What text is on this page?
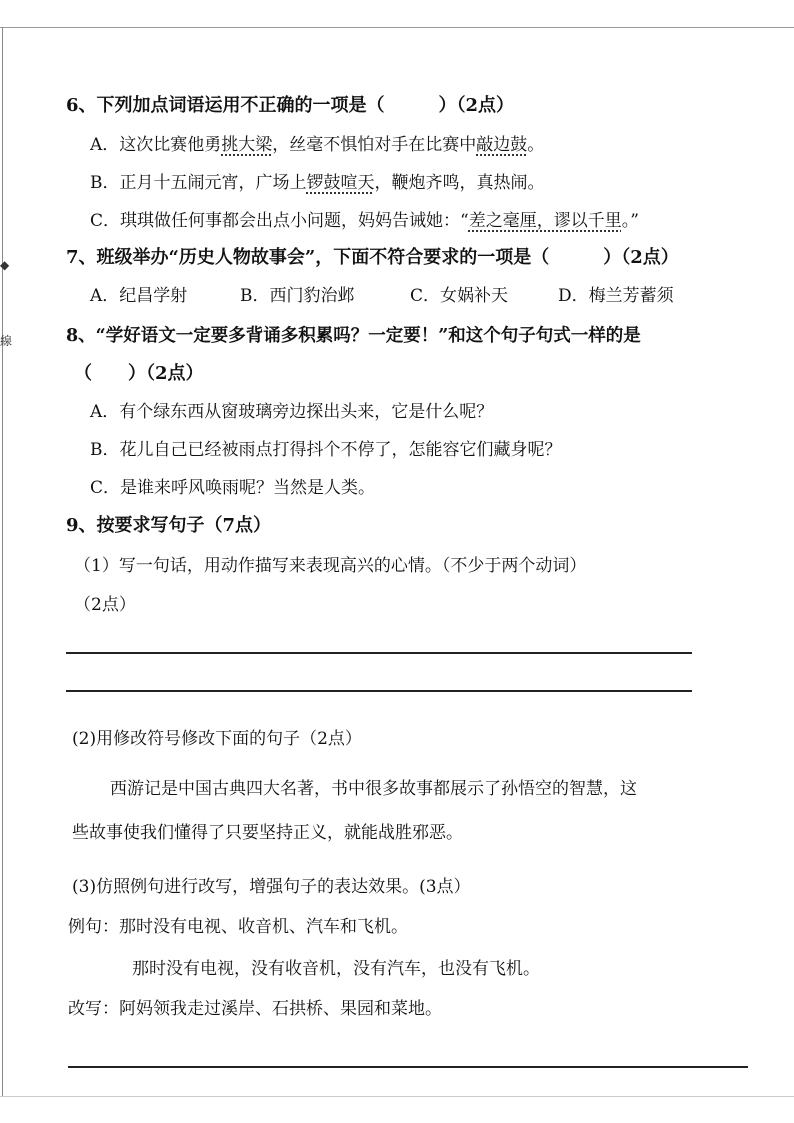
◆
線
6、下列加点词语运用不正确的一项是（　　　）（2点）
A．这次比赛他勇挑大梁，丝毫不惧怕对手在比赛中敲边鼓。
B．正月十五闹元宵，广场上锣鼓喧天，鞭炮齐鸣，真热闹。
C．琪琪做任何事都会出点小问题，妈妈告诫她：“差之毫厘，谬以千里。”
7、班级举办“历史人物故事会”，下面不符合要求的一项是（　　　）（2点）
A．纪昌学射	B．西门豹治邺	C．女娲补天	D．梅兰芳蓄须
8、“学好语文一定要多背诵多积累吗？一定要！”和这个句子句式一样的是
（　　）（2点）
A．有个绿东西从窗玻璃旁边探出头来，它是什么呢？
B．花儿自己已经被雨点打得抖个不停了，怎能容它们藏身呢？
C．是谁来呼风唤雨呢？当然是人类。
9、按要求写句子（7点）
（1）写一句话，用动作描写来表现高兴的心情。（不少于两个动词）
（2点）
(2)用修改符号修改下面的句子（2点）
西游记是中国古典四大名著，书中很多故事都展示了孙悟空的智慧，这
些故事使我们懂得了只要坚持正义，就能战胜邪恶。
(3)仿照例句进行改写，增强句子的表达效果。(3点）
例句：那时没有电视、收音机、汽车和飞机。
那时没有电视，没有收音机，没有汽车，也没有飞机。
改写：阿妈领我走过溪岸、石拱桥、果园和菜地。
